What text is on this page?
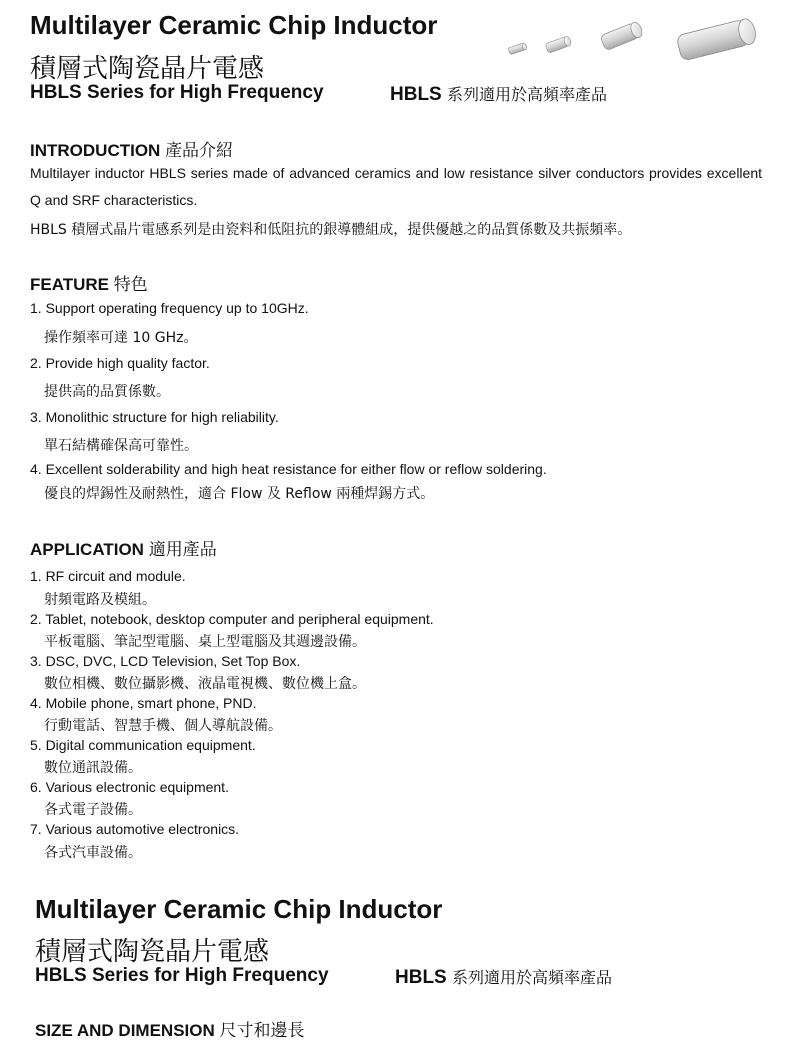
Multilayer Ceramic Chip Inductor
積層式陶瓷晶片電感
HBLS Series for High Frequency	HBLS 系列適用於高頻率產品
INTRODUCTION 產品介紹
Multilayer inductor HBLS series made of advanced ceramics and low resistance silver conductors provides excellent Q and SRF characteristics.
HBLS 積層式晶片電感系列是由瓷料和低阻抗的銀導體組成，提供優越之的品質係數及共振頻率。
FEATURE 特色
1. Support operating frequency up to 10GHz.
操作頻率可達 10 GHz。
2. Provide high quality factor.
提供高的品質係數。
3. Monolithic structure for high reliability.
單石結構確保高可靠性。
4. Excellent solderability and high heat resistance for either flow or reflow soldering.
優良的焊錫性及耐熱性，適合 Flow 及 Reflow 兩種焊錫方式。
APPLICATION 適用產品
1. RF circuit and module.
射頻電路及模組。
2. Tablet, notebook, desktop computer and peripheral equipment.
平板電腦、筆記型電腦、桌上型電腦及其週邊設備。
3. DSC, DVC, LCD Television, Set Top Box.
數位相機、數位攝影機、液晶電視機、數位機上盒。
4. Mobile phone, smart phone, PND.
行動電話、智慧手機、個人導航設備。
5. Digital communication equipment.
數位通訊設備。
6. Various electronic equipment.
各式電子設備。
7. Various automotive electronics.
各式汽車設備。
Multilayer Ceramic Chip Inductor
積層式陶瓷晶片電感
HBLS Series for High Frequency	HBLS 系列適用於高頻率產品
SIZE AND DIMENSION 尺寸和邊長
